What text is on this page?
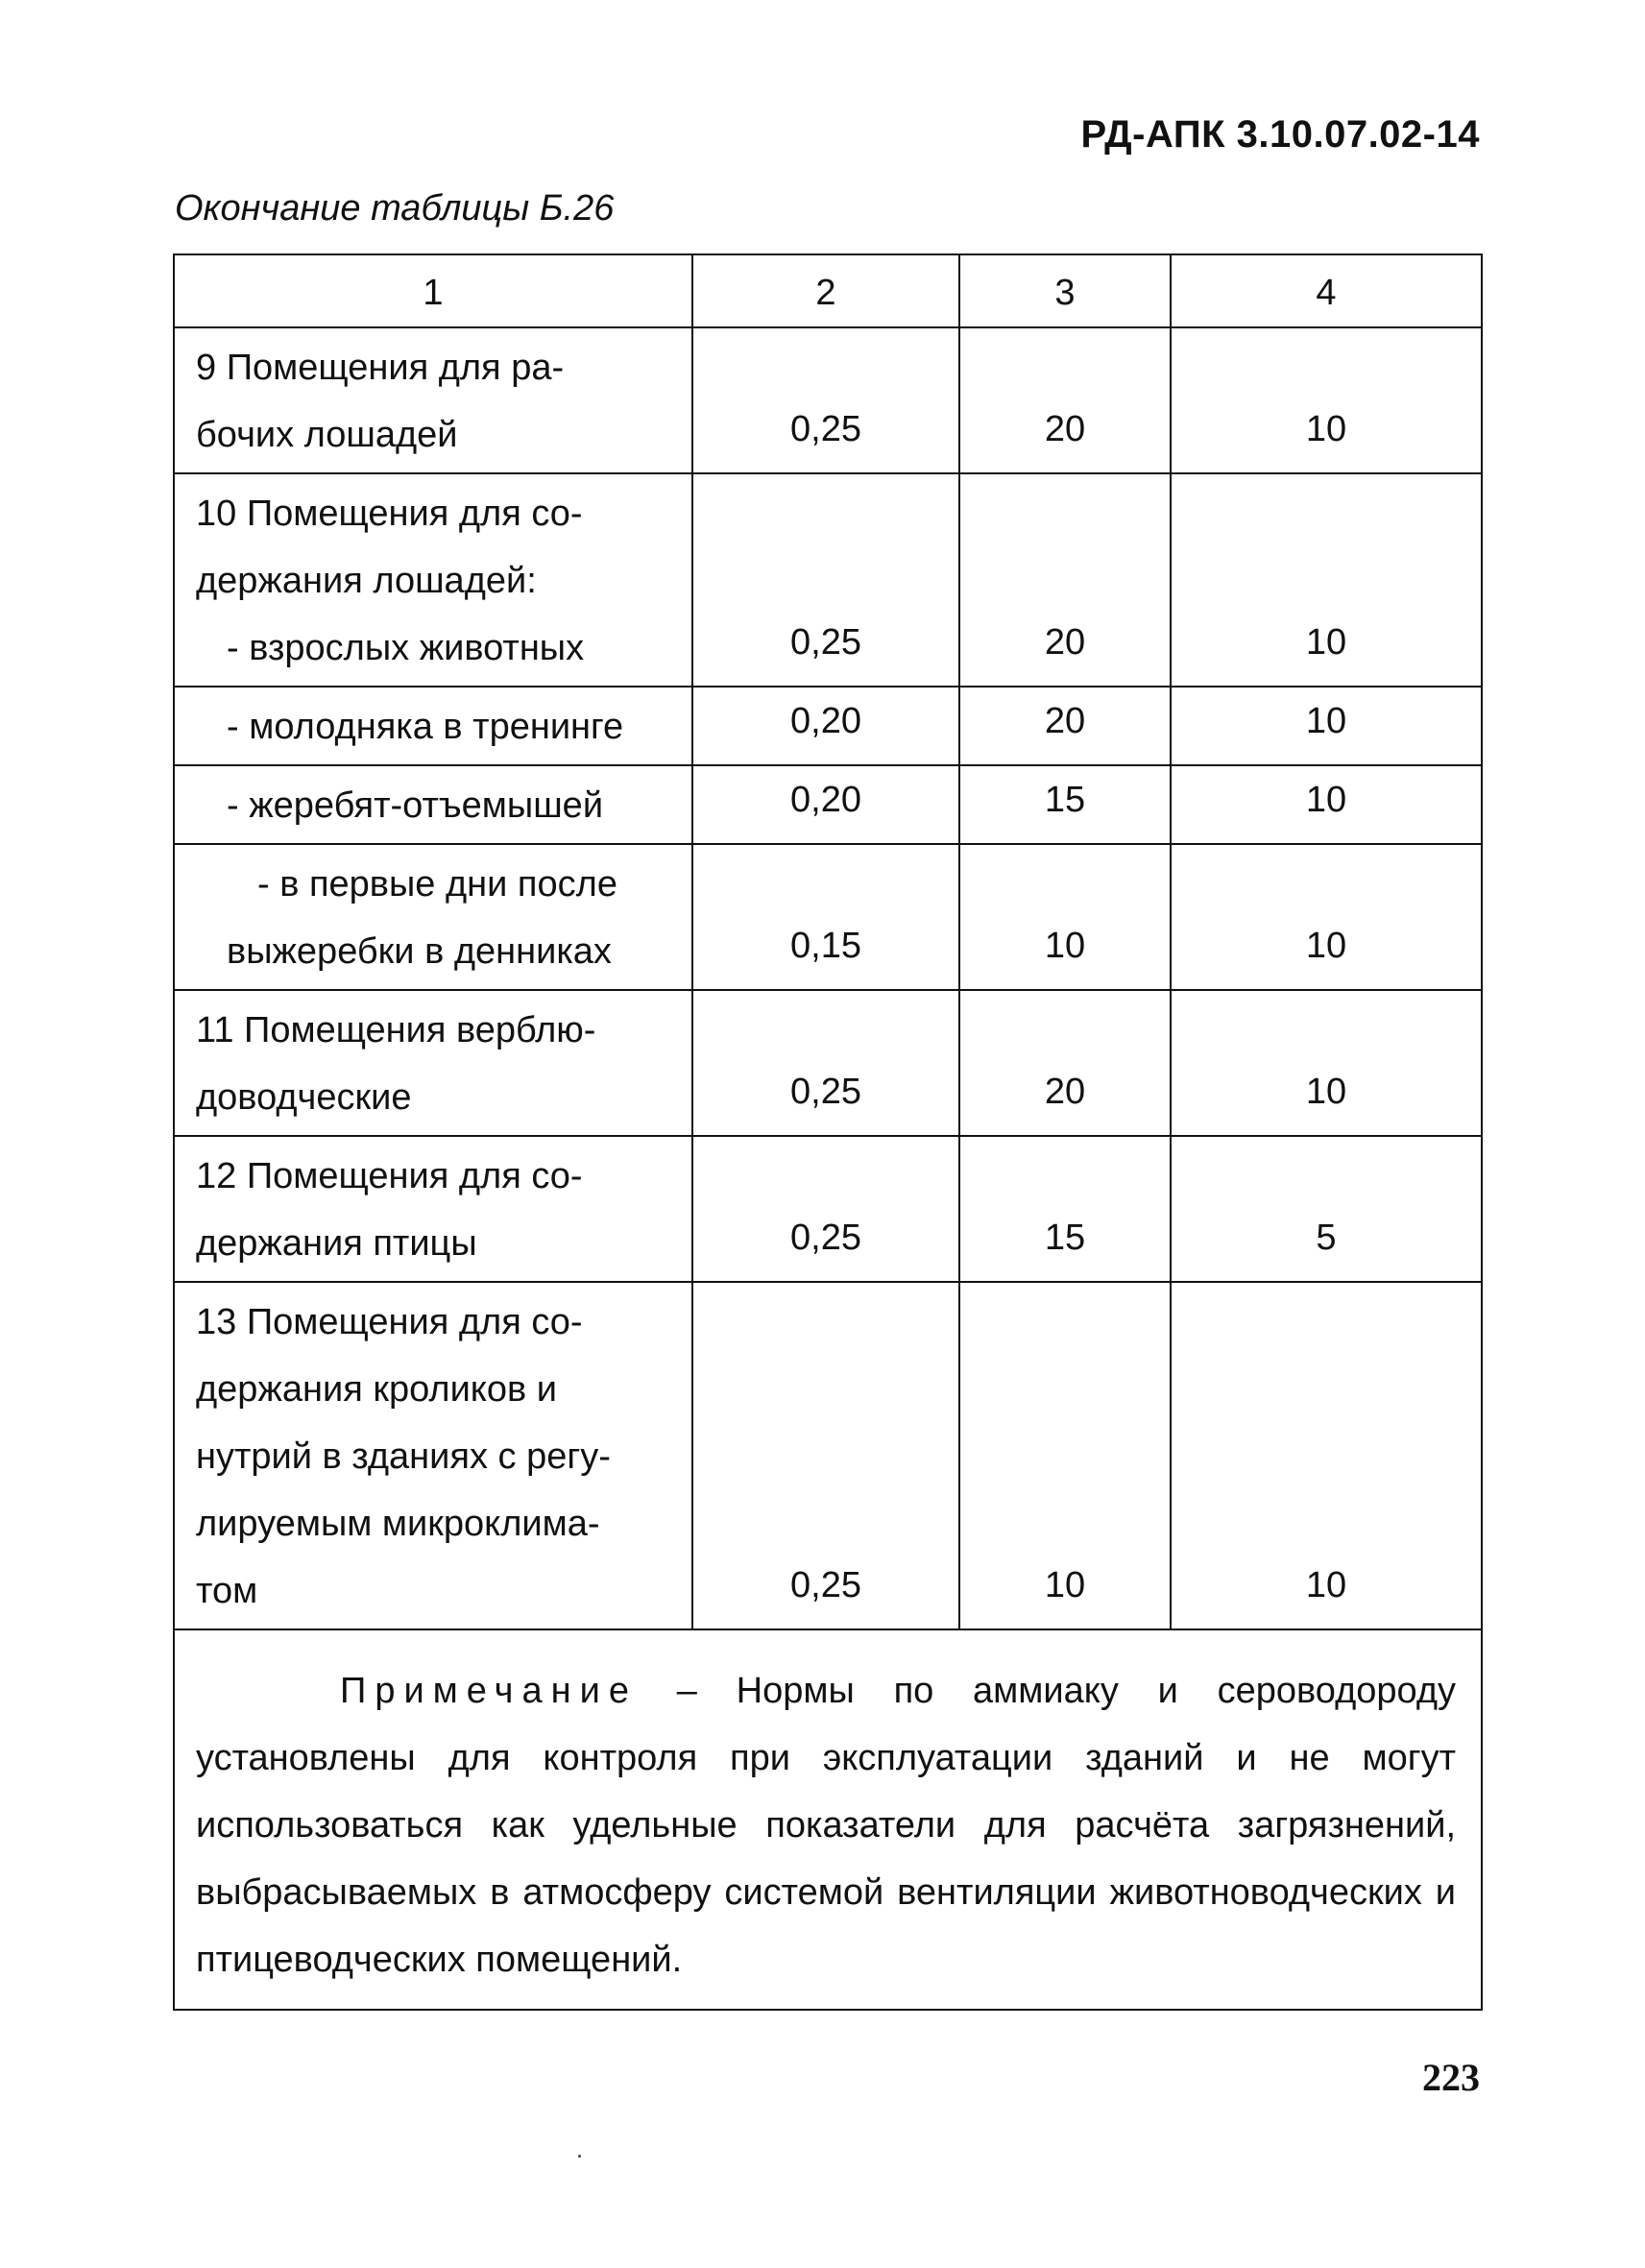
РД-АПК 3.10.07.02-14
Окончание таблицы Б.26
1	2	3	4

9 Помещения для ра-
бочих лошадей	0,25	20	10

10 Помещения для со-
держания лошадей:
- взрослых животных	0,25	20	10

- молодняка в тренинге	0,20	20	10

- жеребят-отъемышей	0,20	15	10

- в первые дни после
выжеребки в денниках	0,15	10	10

11 Помещения верблю-
доводческие	0,25	20	10

12 Помещения для со-
держания птицы	0,25	15	5

13 Помещения для со-
держания кроликов и
нутрий в зданиях с регу-
лируемым микроклима-
том	0,25	10	10
Примечание – Нормы по аммиаку и сероводороду установлены для контроля при эксплуатации зданий и не могут использоваться как удельные показатели для расчёта загрязнений, выбрасываемых в атмосферу системой вентиляции животноводческих и птицеводческих помещений.			
223
